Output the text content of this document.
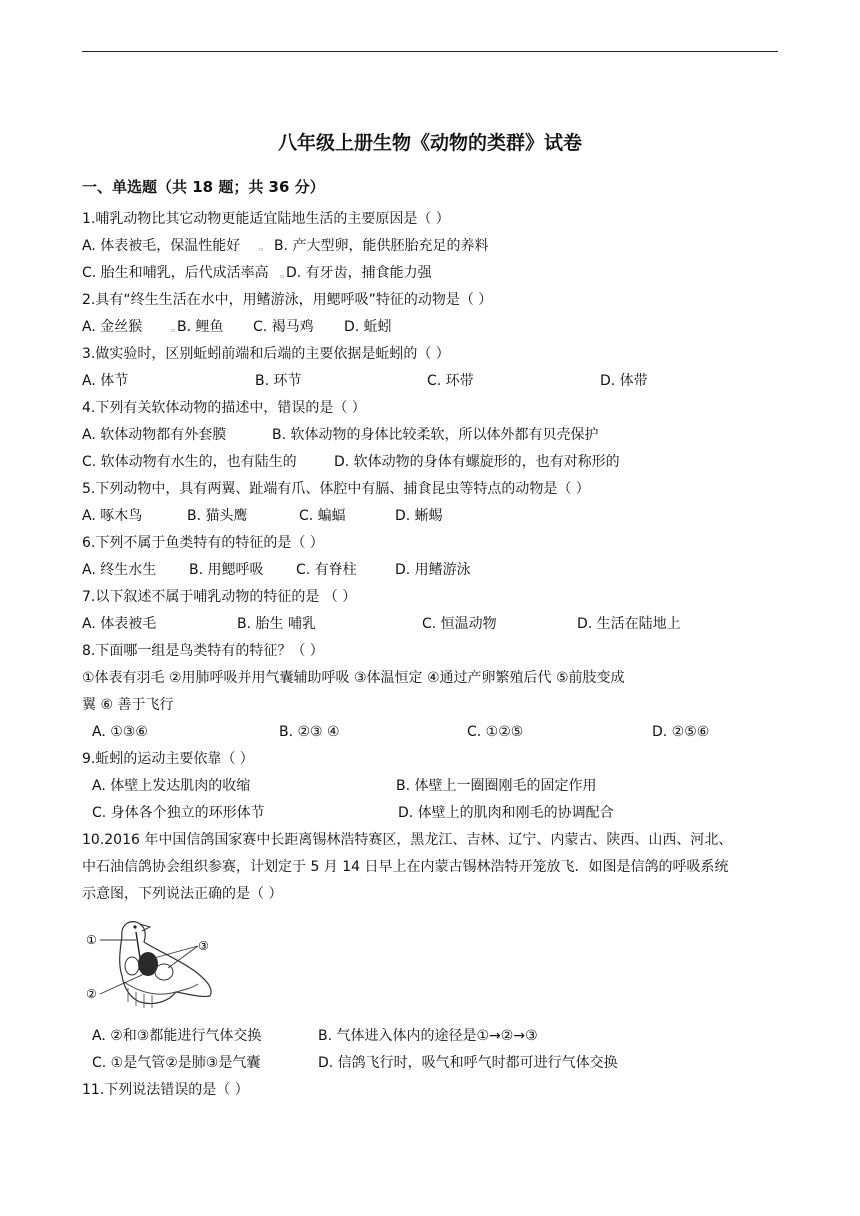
八年级上册生物《动物的类群》试卷
一、单选题（共 18 题；共 36 分）
1.哺乳动物比其它动物更能适宜陆地生活的主要原因是（ ）
A. 体表被毛，保温性能好	▫ B. 产大型卵，能供胚胎充足的养料
C. 胎生和哺乳，后代成活率高 ▫ D. 有牙齿，捕食能力强
2.具有“终生生活在水中，用鳍游泳，用鳃呼吸”特征的动物是（ ）
A. 金丝猴	▫ B. 鲤鱼 C. 褐马鸡 D. 蚯蚓
3.做实验时，区别蚯蚓前端和后端的主要依据是蚯蚓的（ ）
A. 体节	B. 环节	C. 环带	D. 体带
4.下列有关软体动物的描述中，错误的是（ ）
A. 软体动物都有外套膜	B. 软体动物的身体比较柔软，所以体外都有贝壳保护
C. 软体动物有水生的，也有陆生的	D. 软体动物的身体有螺旋形的，也有对称形的
5.下列动物中，具有两翼、趾端有爪、体腔中有膈、捕食昆虫等特点的动物是（ ）
A. 啄木鸟	B. 猫头鹰	C. 蝙蝠	D. 蜥蜴
6.下列不属于鱼类特有的特征的是（ ）
A. 终生水生 B. 用鳃呼吸 C. 有脊柱	D. 用鳍游泳
7.以下叙述不属于哺乳动物的特征的是 （ ）
A. 体表被毛	B. 胎生 哺乳	C. 恒温动物	D. 生活在陆地上
8.下面哪一组是鸟类特有的特征？（ ）
①体表有羽毛 ②用肺呼吸并用气囊辅助呼吸 ③体温恒定 ④通过产卵繁殖后代 ⑤前肢变成
翼 ⑥ 善于飞行
A. ①③⑥	B. ②③ ④	C. ①②⑤	D. ②⑤⑥
9.蚯蚓的运动主要依靠（ ）
A. 体壁上发达肌肉的收缩	B. 体壁上一圈圈刚毛的固定作用
C. 身体各个独立的环形体节	D. 体壁上的肌肉和刚毛的协调配合
10.2016 年中国信鸽国家赛中长距离锡林浩特赛区，黑龙江、吉林、辽宁、内蒙古、陕西、山西、河北、
中石油信鸽协会组织参赛，计划定于 5 月 14 日早上在内蒙古锡林浩特开笼放飞．如图是信鸽的呼吸系统
示意图，下列说法正确的是（ ）
①	③
②
A. ②和③都能进行气体交换	B. 气体进入体内的途径是①→②→③
C. ①是气管②是肺③是气囊	D. 信鸽飞行时，吸气和呼气时都可进行气体交换
11.下列说法错误的是（ ）
